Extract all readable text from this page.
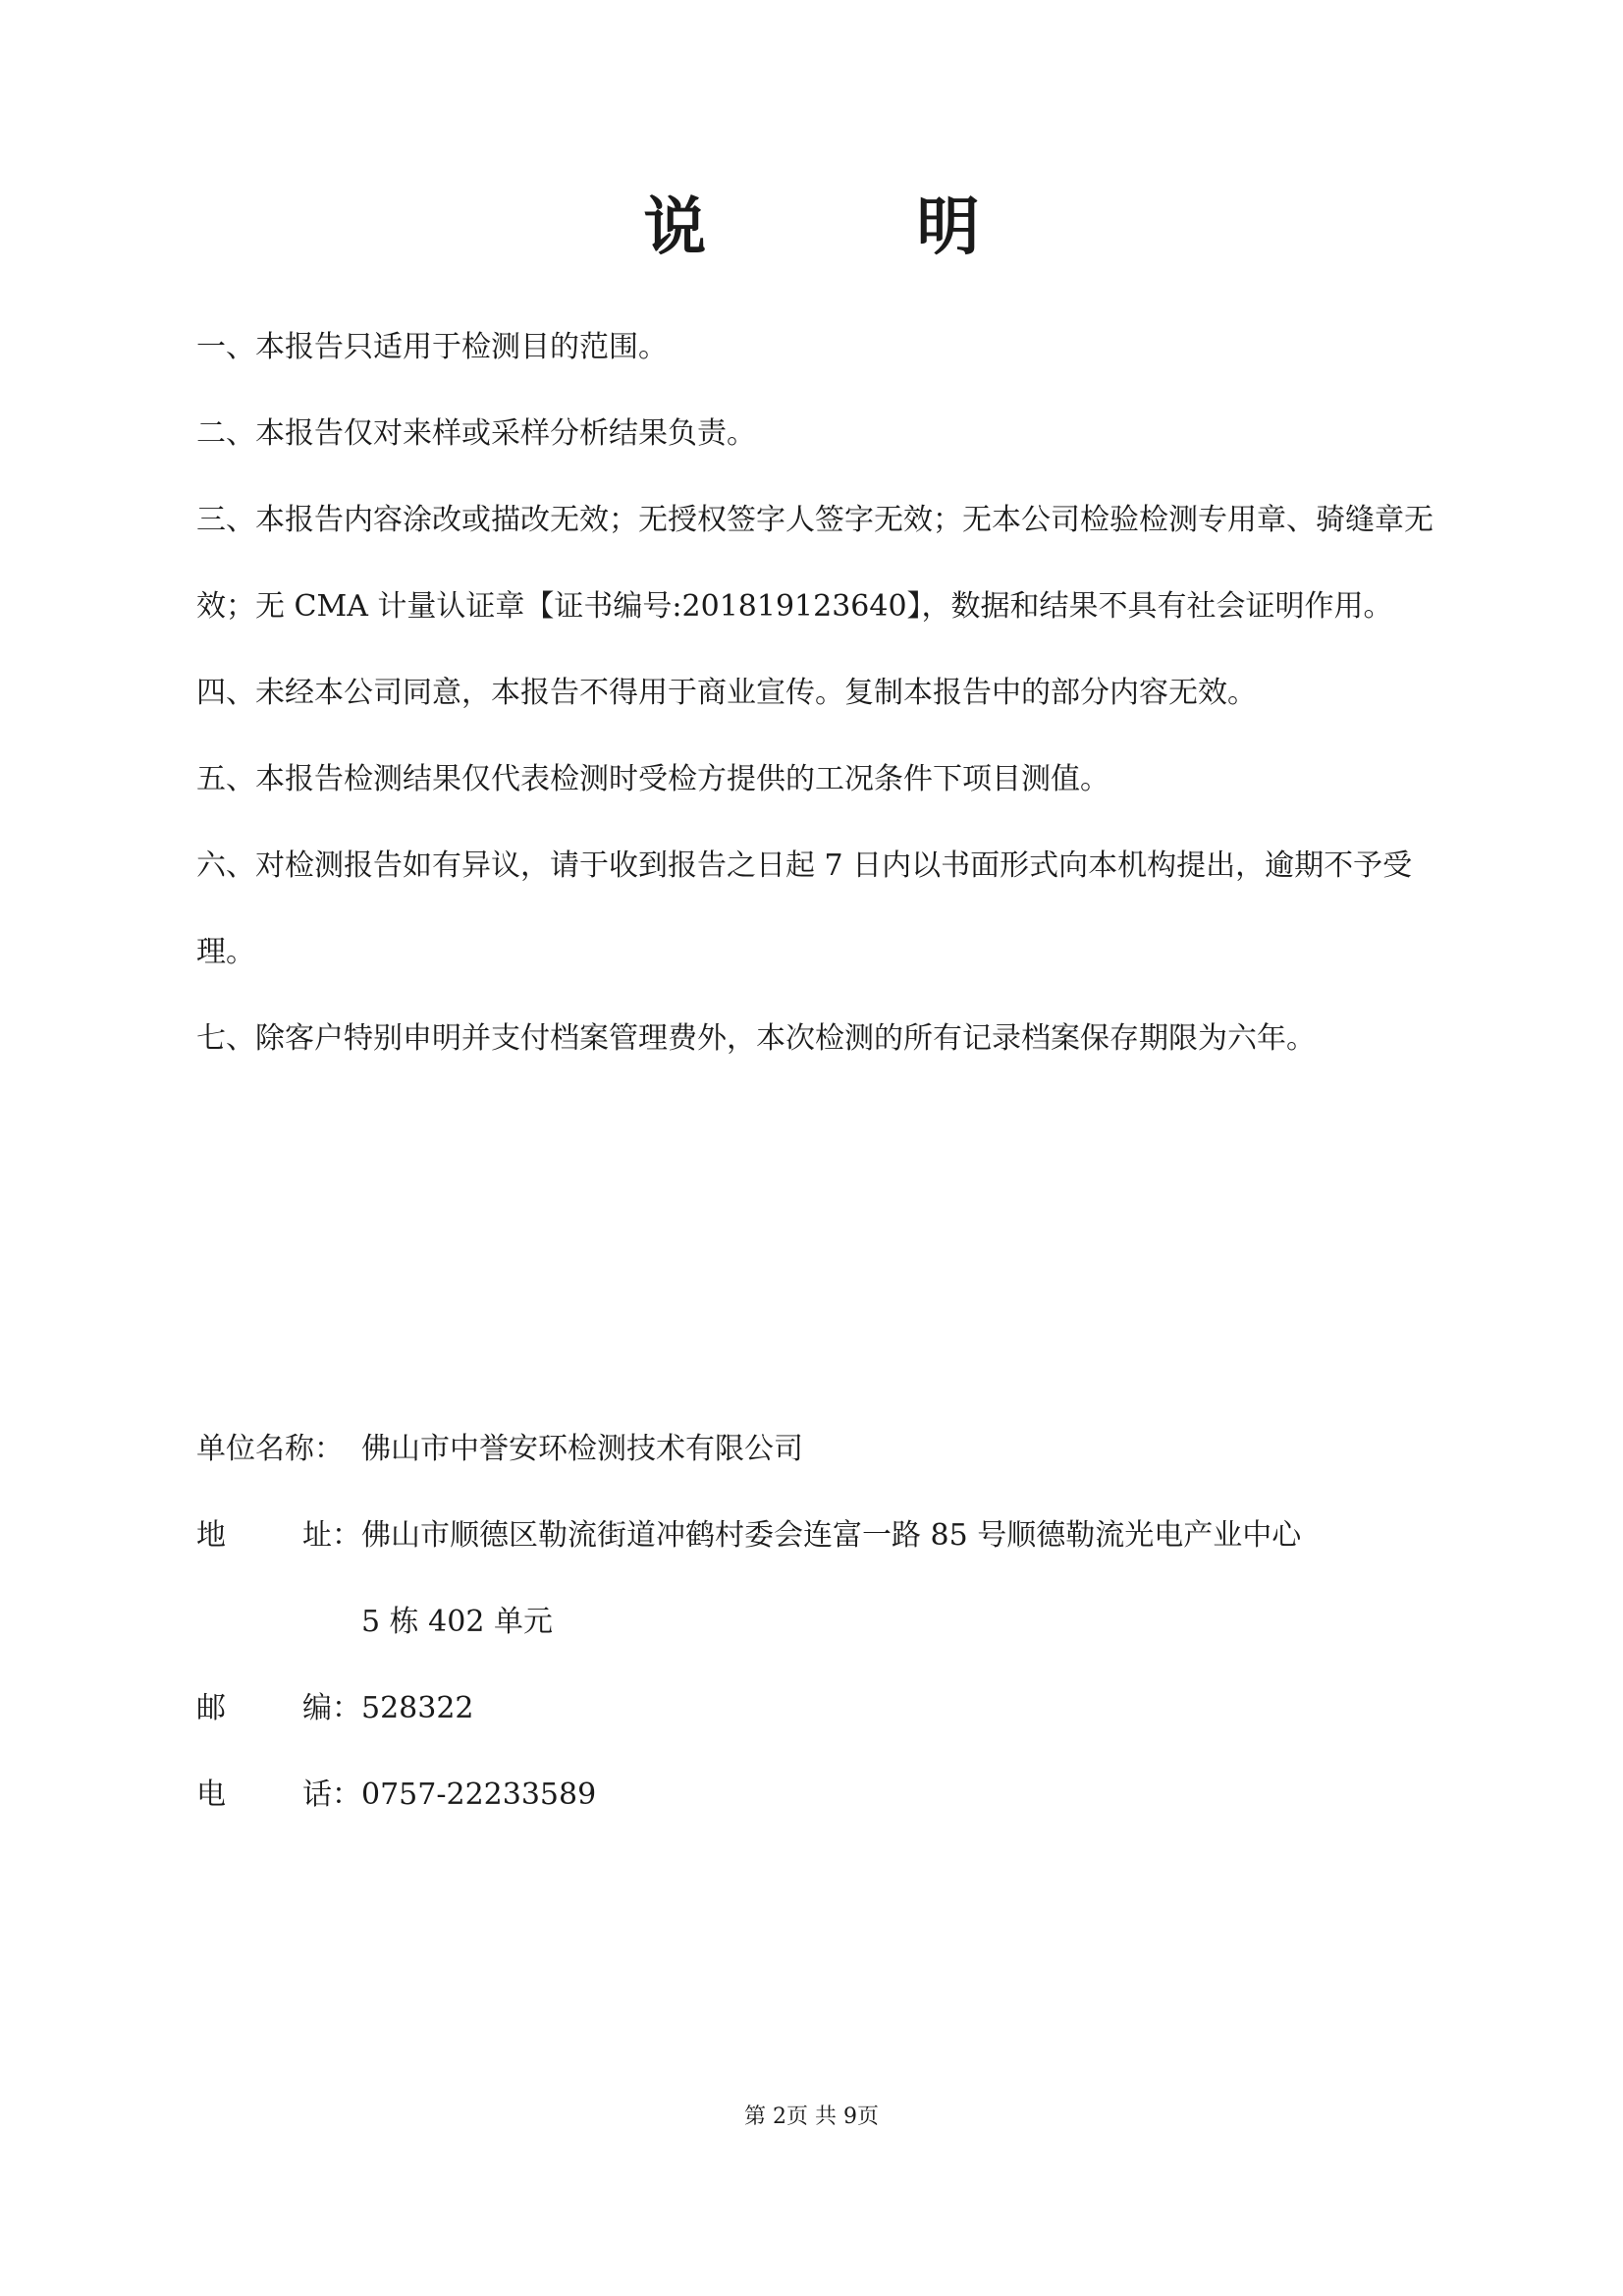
说 明

一、本报告只适用于检测目的范围。

二、本报告仅对来样或采样分析结果负责。

三、本报告内容涂改或描改无效；无授权签字人签字无效；无本公司检验检测专用章、骑缝章无效；无 CMA 计量认证章【证书编号:201819123640】，数据和结果不具有社会证明作用。

四、未经本公司同意，本报告不得用于商业宣传。复制本报告中的部分内容无效。

五、本报告检测结果仅代表检测时受检方提供的工况条件下项目测值。

六、对检测报告如有异议，请于收到报告之日起 7 日内以书面形式向本机构提出，逾期不予受理。

七、除客户特别申明并支付档案管理费外，本次检测的所有记录档案保存期限为六年。

单位名称： 佛山市中誉安环检测技术有限公司
地	址： 佛山市顺德区勒流街道冲鹤村委会连富一路 85 号顺德勒流光电产业中心
5 栋 402 单元
邮	编： 528322
电	话： 0757-22233589
第 2页 共 9页
